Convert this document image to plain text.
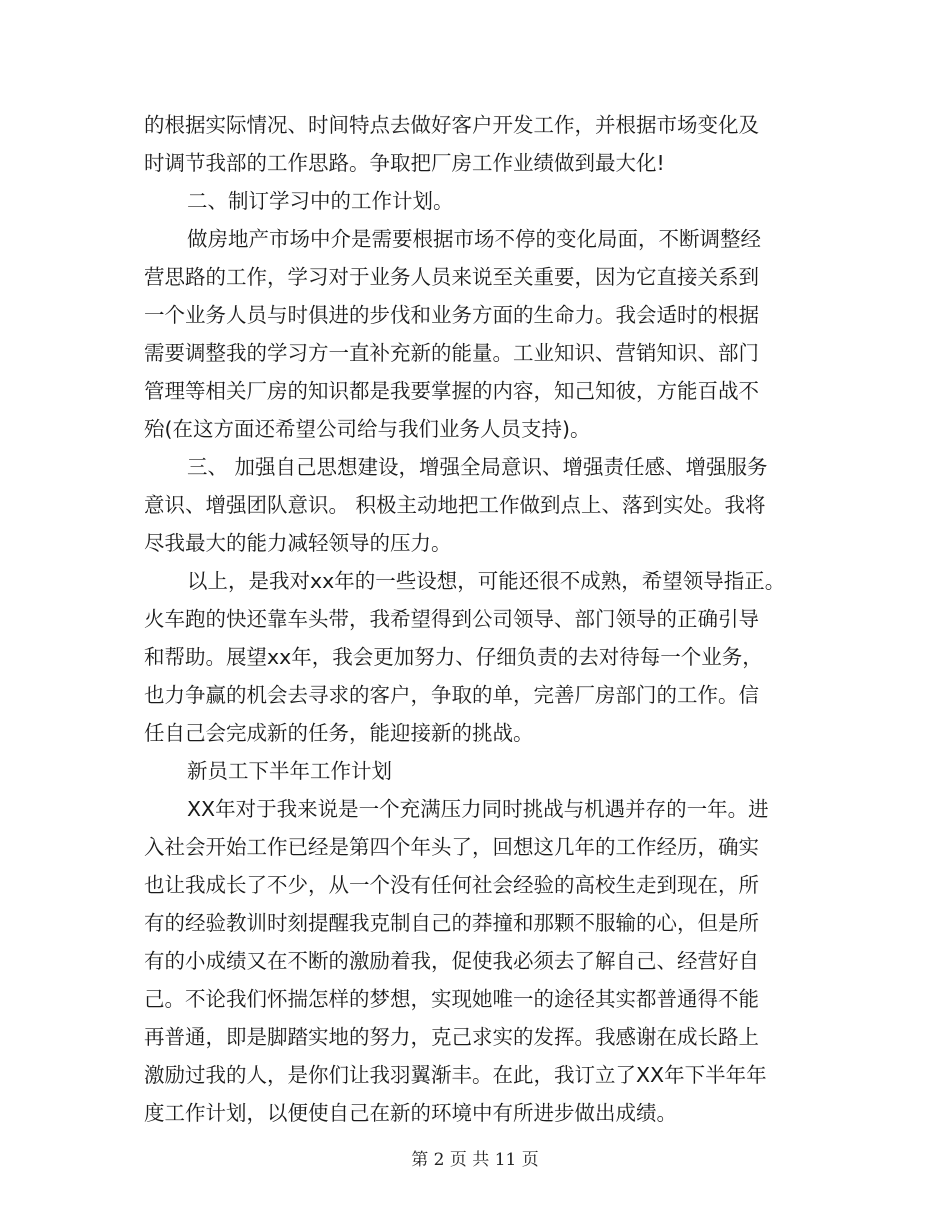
的根据实际情况、时间特点去做好客户开发工作，并根据市场变化及
时调节我部的工作思路。争取把厂房工作业绩做到最大化!
二、制订学习中的工作计划。
做房地产市场中介是需要根据市场不停的变化局面，不断调整经
营思路的工作，学习对于业务人员来说至关重要，因为它直接关系到
一个业务人员与时俱进的步伐和业务方面的生命力。我会适时的根据
需要调整我的学习方一直补充新的能量。工业知识、营销知识、部门
管理等相关厂房的知识都是我要掌握的内容，知己知彼，方能百战不
殆(在这方面还希望公司给与我们业务人员支持)。
三、 加强自己思想建设，增强全局意识、增强责任感、增强服务
意识、增强团队意识。 积极主动地把工作做到点上、落到实处。我将
尽我最大的能力减轻领导的压力。
以上，是我对xx年的一些设想，可能还很不成熟，希望领导指正。
火车跑的快还靠车头带，我希望得到公司领导、部门领导的正确引导
和帮助。展望xx年，我会更加努力、仔细负责的去对待每一个业务，
也力争赢的机会去寻求的客户，争取的单，完善厂房部门的工作。信
任自己会完成新的任务，能迎接新的挑战。
新员工下半年工作计划
XX年对于我来说是一个充满压力同时挑战与机遇并存的一年。进
入社会开始工作已经是第四个年头了，回想这几年的工作经历，确实
也让我成长了不少，从一个没有任何社会经验的高校生走到现在，所
有的经验教训时刻提醒我克制自己的莽撞和那颗不服输的心，但是所
有的小成绩又在不断的激励着我，促使我必须去了解自己、经营好自
己。不论我们怀揣怎样的梦想，实现她唯一的途径其实都普通得不能
再普通，即是脚踏实地的努力，克己求实的发挥。我感谢在成长路上
激励过我的人，是你们让我羽翼渐丰。在此，我订立了XX年下半年年
度工作计划，以便使自己在新的环境中有所进步做出成绩。
第 2 页 共 11 页
